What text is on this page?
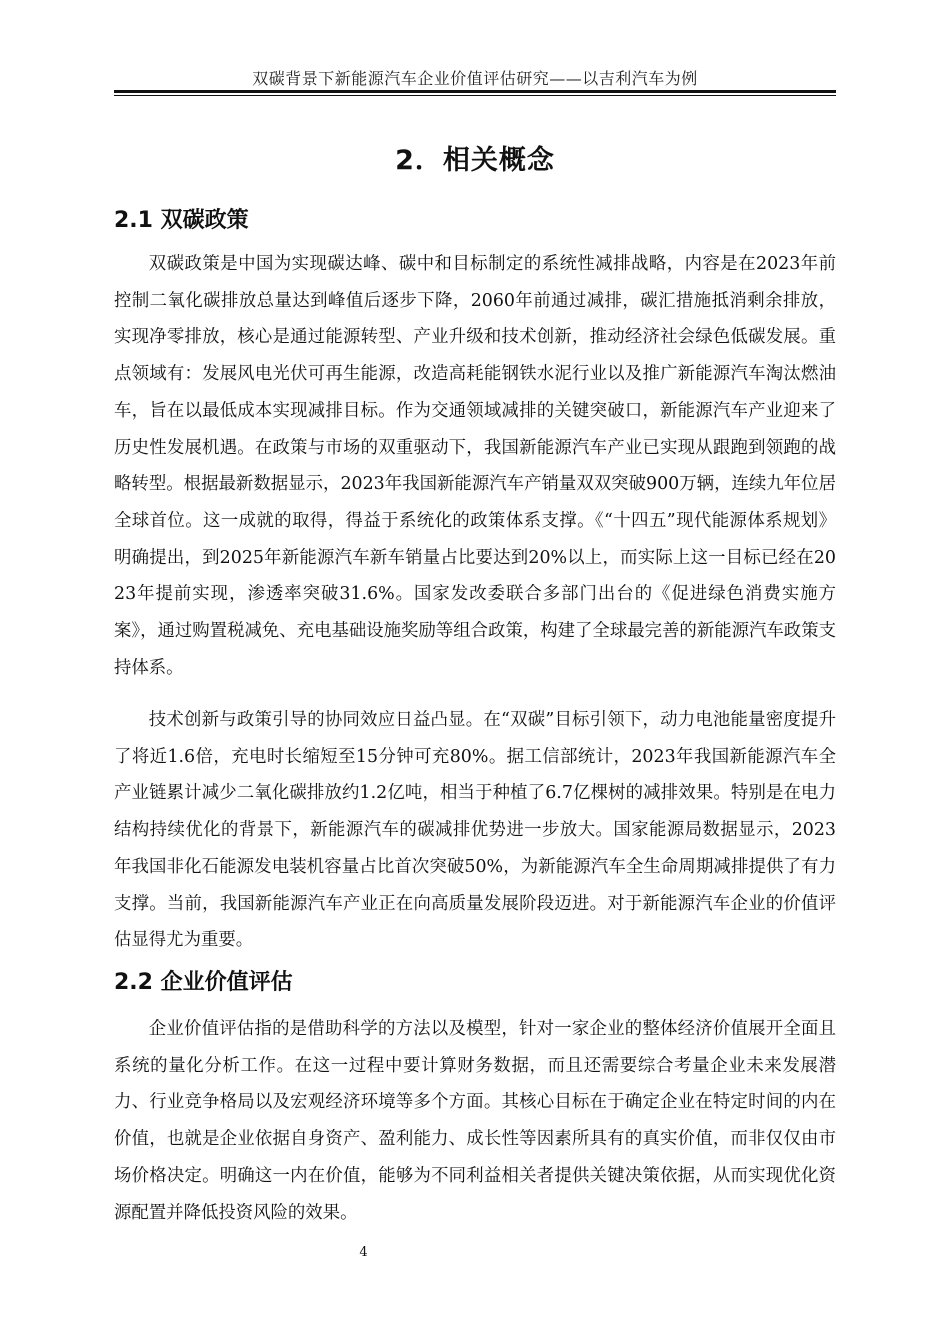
双碳背景下新能源汽车企业价值评估研究——以吉利汽车为例
2．相关概念
2.1 双碳政策

双碳政策是中国为实现碳达峰、碳中和目标制定的系统性减排战略，内容是在2023年前控制二氧化碳排放总量达到峰值后逐步下降，2060年前通过减排，碳汇措施抵消剩余排放，实现净零排放，核心是通过能源转型、产业升级和技术创新，推动经济社会绿色低碳发展。重点领域有：发展风电光伏可再生能源，改造高耗能钢铁水泥行业以及推广新能源汽车淘汰燃油车，旨在以最低成本实现减排目标。作为交通领域减排的关键突破口，新能源汽车产业迎来了历史性发展机遇。在政策与市场的双重驱动下，我国新能源汽车产业已实现从跟跑到领跑的战略转型。根据最新数据显示，2023年我国新能源汽车产销量双双突破900万辆，连续九年位居全球首位。这一成就的取得，得益于系统化的政策体系支撑。《“十四五”现代能源体系规划》明确提出，到2025年新能源汽车新车销量占比要达到20%以上，而实际上这一目标已经在2023年提前实现，渗透率突破31.6%。国家发改委联合多部门出台的《促进绿色消费实施方案》，通过购置税减免、充电基础设施奖励等组合政策，构建了全球最完善的新能源汽车政策支持体系。

技术创新与政策引导的协同效应日益凸显。在“双碳”目标引领下，动力电池能量密度提升了将近1.6倍，充电时长缩短至15分钟可充80%。据工信部统计，2023年我国新能源汽车全产业链累计减少二氧化碳排放约1.2亿吨，相当于种植了6.7亿棵树的减排效果。特别是在电力结构持续优化的背景下，新能源汽车的碳减排优势进一步放大。国家能源局数据显示，2023年我国非化石能源发电装机容量占比首次突破50%，为新能源汽车全生命周期减排提供了有力支撑。当前，我国新能源汽车产业正在向高质量发展阶段迈进。对于新能源汽车企业的价值评估显得尤为重要。

2.2 企业价值评估

企业价值评估指的是借助科学的方法以及模型，针对一家企业的整体经济价值展开全面且系统的量化分析工作。在这一过程中要计算财务数据，而且还需要综合考量企业未来发展潜力、行业竞争格局以及宏观经济环境等多个方面。其核心目标在于确定企业在特定时间的内在价值，也就是企业依据自身资产、盈利能力、成长性等因素所具有的真实价值，而非仅仅由市场价格决定。明确这一内在价值，能够为不同利益相关者提供关键决策依据，从而实现优化资源配置并降低投资风险的效果。

4
